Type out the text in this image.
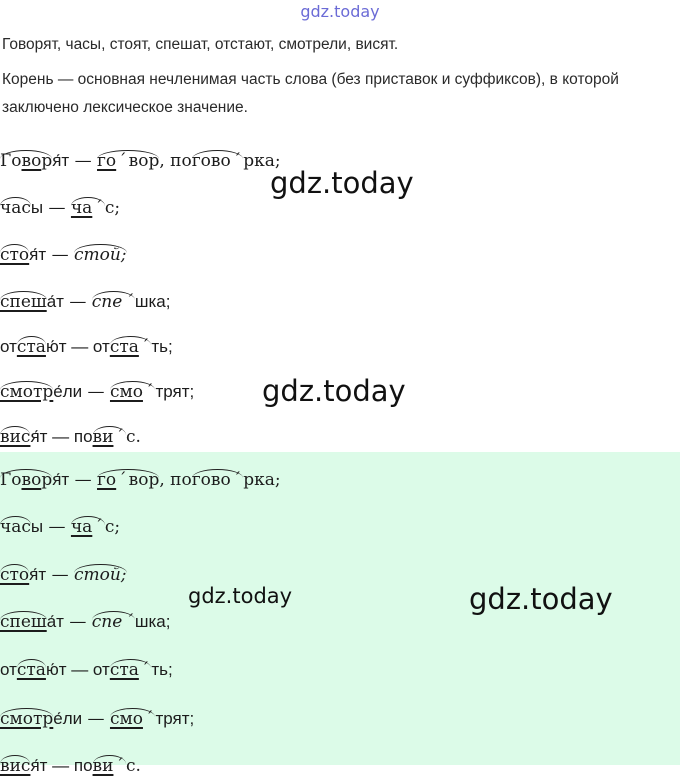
gdz.today
Говорят, часы, стоят, спешат, отстают, смотрели, висят.
Корень — основная нечленимая часть слова (без приставок и суффиксов), в которой заключено лексическое значение.
Говоря́т — го ´ вор, погово ´ рка;
часы — ча ´ с;
стоя́т — стой;
спеша́т — спе ´ шка;
отстаю́т — отста ´ ть;
смотре́ли — смо ´ трят;
вися́т — пови ´ с.
Говоря́т — го ´ вор, погово ´ рка;
часы — ча ´ с;
стоя́т — стой;
спеша́т — спе ´ шка;
отстаю́т — отста ´ ть;
смотре́ли — смо ´ трят;
вися́т — пови ´ с.
gdz.today
gdz.today
gdz.today	gdz.today
